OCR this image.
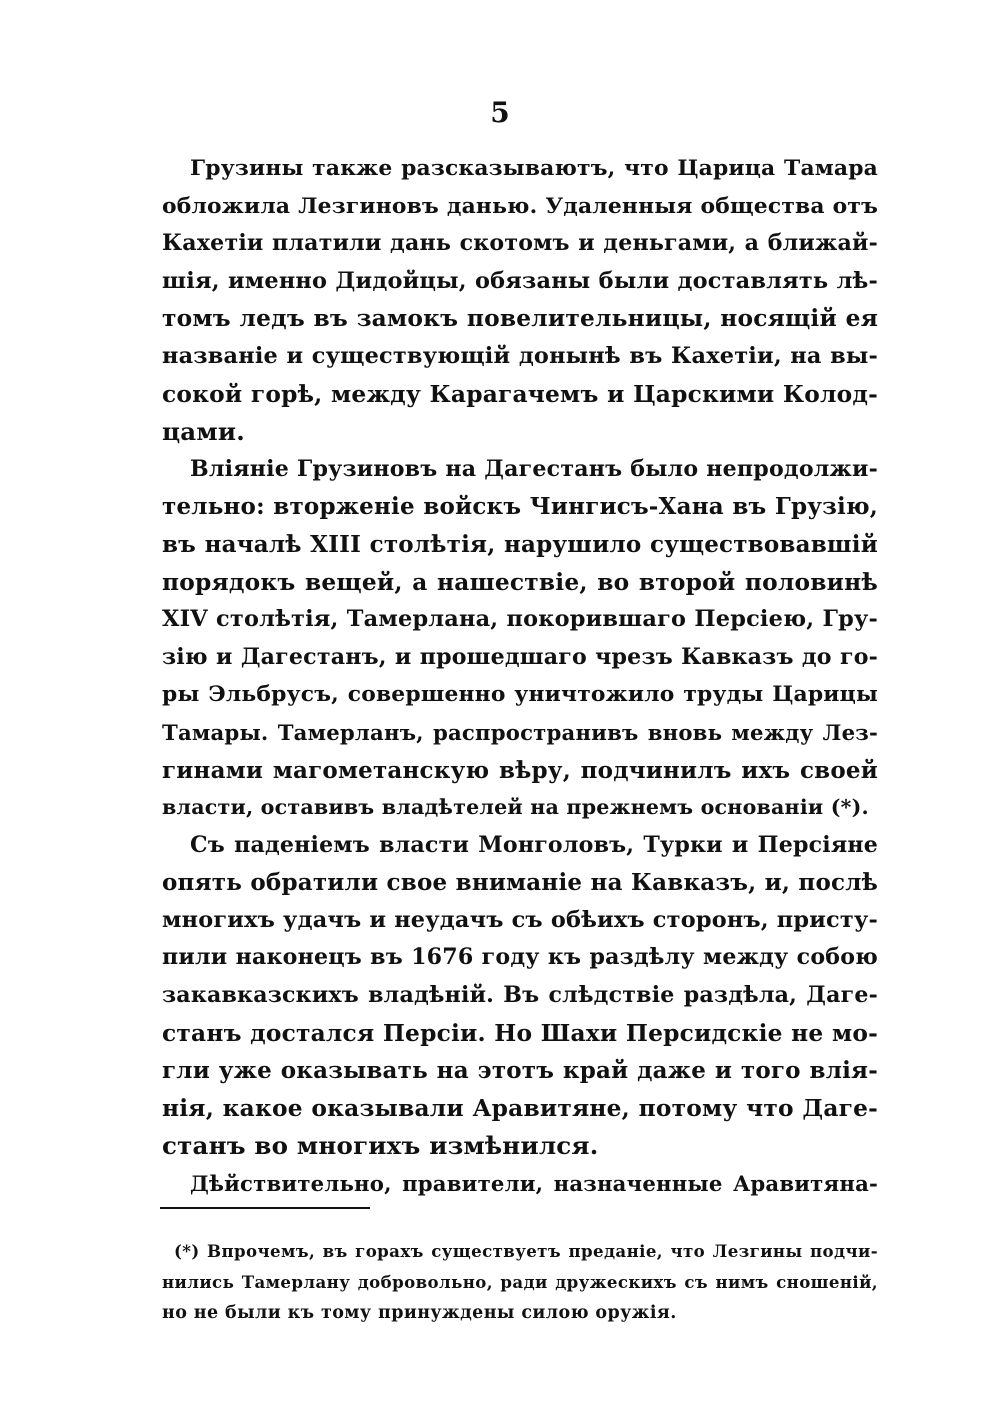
5
Грузины также разсказываютъ, что Царица Тамара
обложила Лезгиновъ данью. Удаленныя общества отъ
Кахетіи платили дань скотомъ и деньгами, а ближай-
шія, именно Дидойцы, обязаны были доставлять лѣ-
томъ ледъ въ замокъ повелительницы, носящій ея
названіе и существующій донынѣ въ Кахетіи, на вы-
сокой горѣ, между Карагачемъ и Царскими Колод-
цами.
Вліяніе Грузиновъ на Дагестанъ было непродолжи-
тельно: вторженіе войскъ Чингисъ-Хана въ Грузію,
въ началѣ XIII столѣтія, нарушило существовавшій
порядокъ вещей, а нашествіе, во второй половинѣ
XIV столѣтія, Тамерлана, покорившаго Персіею, Гру-
зію и Дагестанъ, и прошедшаго чрезъ Кавказъ до го-
ры Эльбрусъ, совершенно уничтожило труды Царицы
Тамары. Тамерланъ, распространивъ вновь между Лез-
гинами магометанскую вѣру, подчинилъ ихъ своей
власти, оставивъ владѣтелей на прежнемъ основаніи (*).
Съ паденіемъ власти Монголовъ, Турки и Персіяне
опять обратили свое вниманіе на Кавказъ, и, послѣ
многихъ удачъ и неудачъ съ обѣихъ сторонъ, присту-
пили наконецъ въ 1676 году къ раздѣлу между собою
закавказскихъ владѣній. Въ слѣдствіе раздѣла, Даге-
станъ достался Персіи. Но Шахи Персидскіе не мо-
гли уже оказывать на этотъ край даже и того влія-
нія, какое оказывали Аравитяне, потому что Даге-
станъ во многихъ измѣнился.
Дѣйствительно, правители, назначенные Аравитяна-
(*) Впрочемъ, въ горахъ существуетъ преданіе, что Лезгины подчи-
нились Тамерлану добровольно, ради дружескихъ съ нимъ сношеній,
но не были къ тому принуждены силою оружія.
